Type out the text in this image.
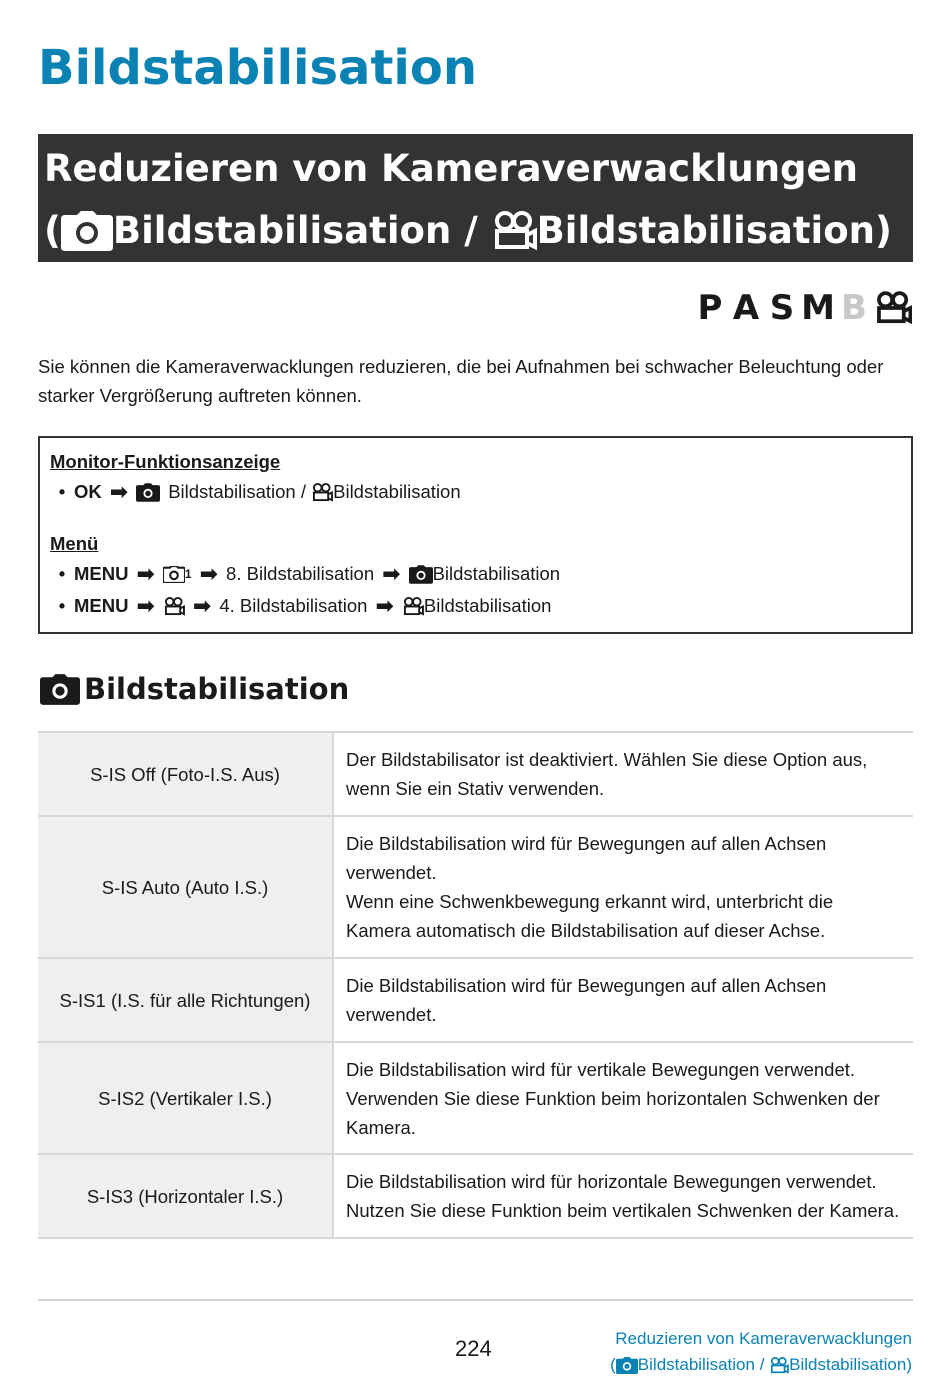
Bildstabilisation
Reduzieren von Kameraverwacklungen
( Bildstabilisation / Bildstabilisation)
P A S M B

Sie können die Kameraverwacklungen reduzieren, die bei Aufnahmen bei schwacher Beleuchtung oder starker Vergrößerung auftreten können.

Monitor-Funktionsanzeige

• OK ➡ Bildstabilisation / Bildstabilisation

Menü

• MENU ➡	1 ➡ 8. Bildstabilisation ➡ Bildstabilisation
• MENU ➡ ➡ 4. Bildstabilisation ➡ Bildstabilisation
Bildstabilisation
S-IS Off (Foto-I.S. Aus)	Der Bildstabilisator ist deaktiviert. Wählen Sie diese Option aus, wenn Sie ein Stativ verwenden.

S-IS Auto (Auto I.S.)	Die Bildstabilisation wird für Bewegungen auf allen Achsen verwendet.
Wenn eine Schwenkbewegung erkannt wird, unterbricht die Kamera automatisch die Bildstabilisation auf dieser Achse.

S-IS1 (I.S. für alle Richtungen)	Die Bildstabilisation wird für Bewegungen auf allen Achsen verwendet.

S-IS2 (Vertikaler I.S.)	Die Bildstabilisation wird für vertikale Bewegungen verwendet. Verwenden Sie diese Funktion beim horizontalen Schwenken der Kamera.

S-IS3 (Horizontaler I.S.)	Die Bildstabilisation wird für horizontale Bewegungen verwendet. Nutzen Sie diese Funktion beim vertikalen Schwenken der Kamera.
224	Reduzieren von Kameraverwacklungen
( Bildstabilisation / Bildstabilisation)
